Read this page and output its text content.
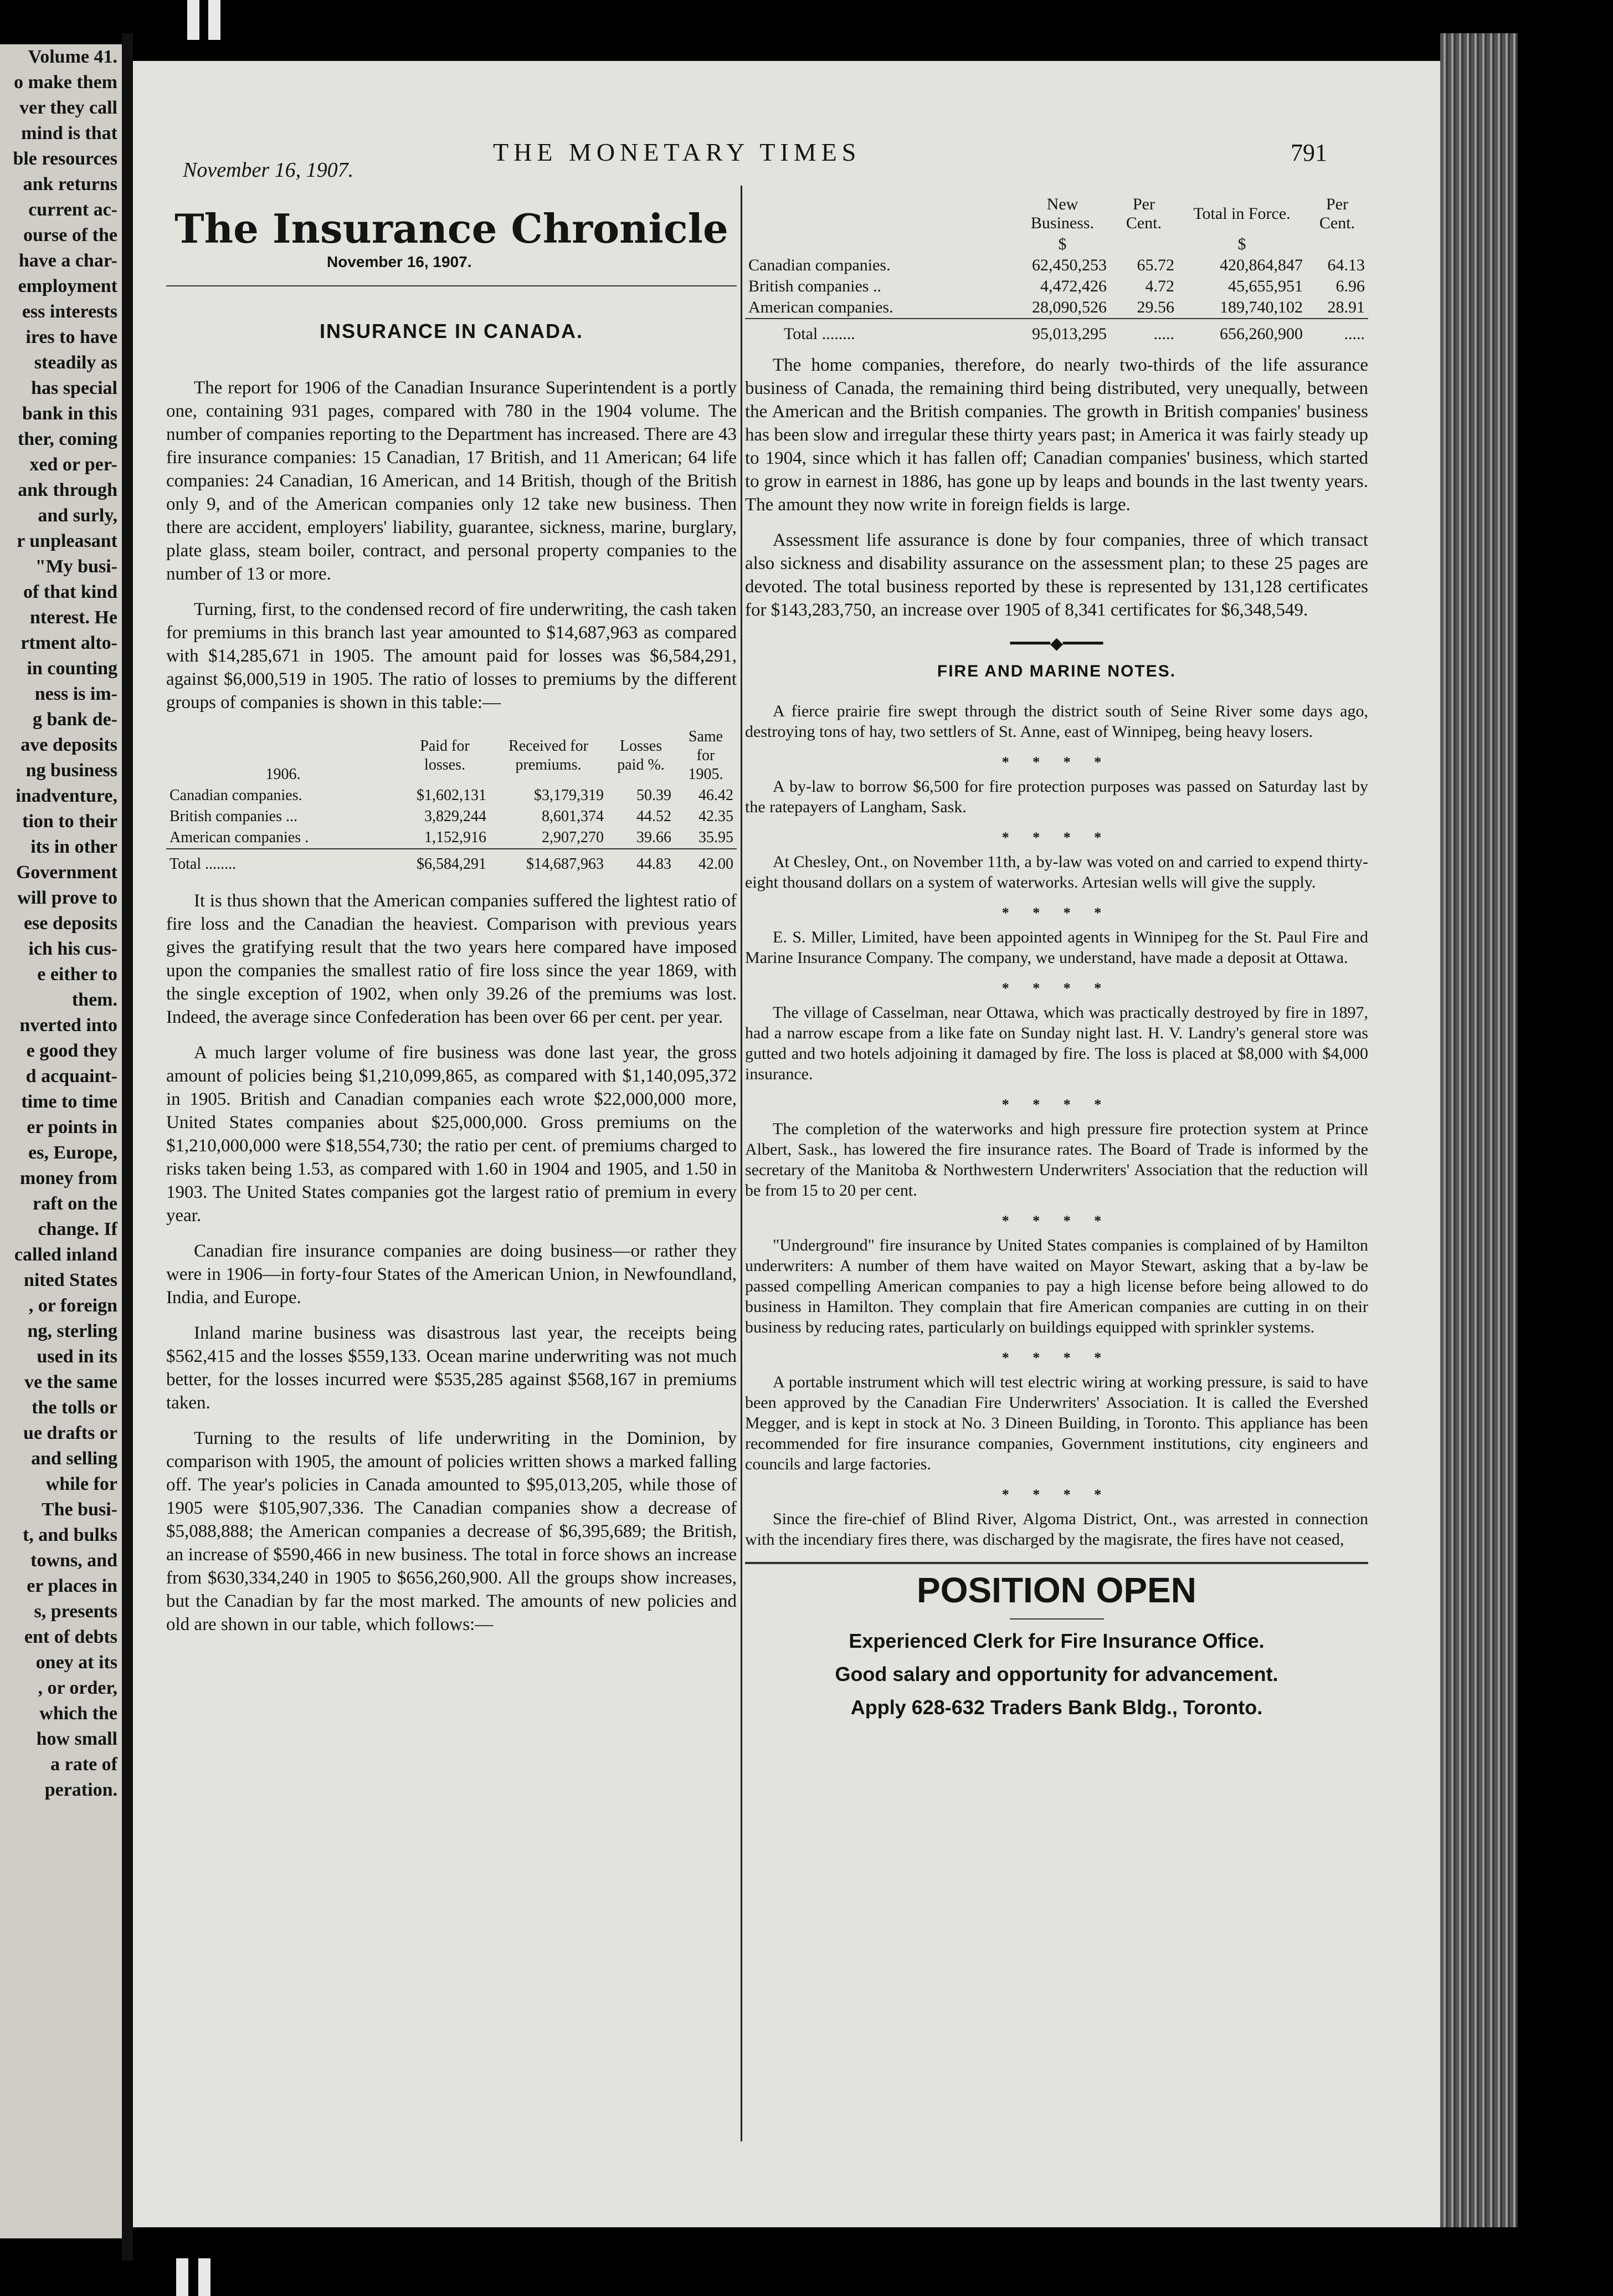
Volume 41.
o make them
ver they call
mind is that
ble resources
ank returns
current ac-
ourse of the
have a char-
employment
ess interests
ires to have
steadily as
has special
bank in this
ther, coming
xed or per-
ank through
and surly,
r unpleasant
"My busi-
of that kind
nterest. He
rtment alto-
in counting
ness is im-
g bank de-
ave deposits
ng business
inadventure,
tion to their
its in other
Government
will prove to
ese deposits
ich his cus-
e either to
them.
nverted into
e good they
d acquaint-
time to time
er points in
es, Europe,
money from
raft on the
change. If
called inland
nited States
, or foreign
ng, sterling
used in its
ve the same
the tolls or
ue drafts or
and selling
while for
The busi-
t, and bulks
towns, and
er places in
s, presents
ent of debts
oney at its
, or order,
which the
how small
a rate of
peration.
November 16, 1907.
THE MONETARY TIMES	791
The Insurance Chronicle
November 16, 1907.
INSURANCE IN CANADA.

The report for 1906 of the Canadian Insurance Superintendent is a portly one, containing 931 pages, compared with 780 in the 1904 volume. The number of companies reporting to the Department has increased. There are 43 fire insurance companies: 15 Canadian, 17 British, and 11 American; 64 life companies: 24 Canadian, 16 American, and 14 British, though of the British only 9, and of the American companies only 12 take new business. Then there are accident, employers' liability, guarantee, sickness, marine, burglary, plate glass, steam boiler, contract, and personal property companies to the number of 13 or more.

Turning, first, to the condensed record of fire underwriting, the cash taken for premiums in this branch last year amounted to $14,687,963 as compared with $14,285,671 in 1905. The amount paid for losses was $6,584,291, against $6,000,519 in 1905. The ratio of losses to premiums by the different groups of companies is shown in this table:—

1906.	Paid for losses.	Received for premiums.	Losses paid %.	Same for 1905.
Canadian companies.	$1,602,131	$3,179,319	50.39	46.42
British companies ...	3,829,244	8,601,374	44.52	42.35
American companies .	1,152,916	2,907,270	39.66	35.95
Total ........	$6,584,291	$14,687,963	44.83	42.00

It is thus shown that the American companies suffered the lightest ratio of fire loss and the Canadian the heaviest. Comparison with previous years gives the gratifying result that the two years here compared have imposed upon the companies the smallest ratio of fire loss since the year 1869, with the single exception of 1902, when only 39.26 of the premiums was lost. Indeed, the average since Confederation has been over 66 per cent. per year.

A much larger volume of fire business was done last year, the gross amount of policies being $1,210,099,865, as compared with $1,140,095,372 in 1905. British and Canadian companies each wrote $22,000,000 more, United States companies about $25,000,000. Gross premiums on the $1,210,000,000 were $18,554,730; the ratio per cent. of premiums charged to risks taken being 1.53, as compared with 1.60 in 1904 and 1905, and 1.50 in 1903. The United States companies got the largest ratio of premium in every year.

Canadian fire insurance companies are doing business—or rather they were in 1906—in forty-four States of the American Union, in Newfoundland, India, and Europe.

Inland marine business was disastrous last year, the receipts being $562,415 and the losses $559,133. Ocean marine underwriting was not much better, for the losses incurred were $535,285 against $568,167 in premiums taken.

Turning to the results of life underwriting in the Dominion, by comparison with 1905, the amount of policies written shows a marked falling off. The year's policies in Canada amounted to $95,013,205, while those of 1905 were $105,907,336. The Canadian companies show a decrease of $5,088,888; the American companies a decrease of $6,395,689; the British, an increase of $590,466 in new business. The total in force shows an increase from $630,334,240 in 1905 to $656,260,900. All the groups show increases, but the Canadian by far the most marked. The amounts of new policies and old are shown in our table, which follows:—

	New Business.	Per Cent.	Total in Force.	Per Cent.
	$		$	
Canadian companies.	62,450,253	65.72	420,864,847	64.13
British companies ..	4,472,426	4.72	45,655,951	6.96
American companies.	28,090,526	29.56	189,740,102	28.91
Total ........	95,013,295	.....	656,260,900	.....

The home companies, therefore, do nearly two-thirds of the life assurance business of Canada, the remaining third being distributed, very unequally, between the American and the British companies. The growth in British companies' business has been slow and irregular these thirty years past; in America it was fairly steady up to 1904, since which it has fallen off; Canadian companies' business, which started to grow in earnest in 1886, has gone up by leaps and bounds in the last twenty years. The amount they now write in foreign fields is large.

Assessment life assurance is done by four companies, three of which transact also sickness and disability assurance on the assessment plan; to these 25 pages are devoted. The total business reported by these is represented by 131,128 certificates for $143,283,750, an increase over 1905 of 8,341 certificates for $6,348,549.

━━━━◆━━━━
FIRE AND MARINE NOTES.

A fierce prairie fire swept through the district south of Seine River some days ago, destroying tons of hay, two settlers of St. Anne, east of Winnipeg, being heavy losers.

* * * *

A by-law to borrow $6,500 for fire protection purposes was passed on Saturday last by the ratepayers of Langham, Sask.

* * * *

At Chesley, Ont., on November 11th, a by-law was voted on and carried to expend thirty-eight thousand dollars on a system of waterworks. Artesian wells will give the supply.

* * * *

E. S. Miller, Limited, have been appointed agents in Winnipeg for the St. Paul Fire and Marine Insurance Company. The company, we understand, have made a deposit at Ottawa.

* * * *

The village of Casselman, near Ottawa, which was practically destroyed by fire in 1897, had a narrow escape from a like fate on Sunday night last. H. V. Landry's general store was gutted and two hotels adjoining it damaged by fire. The loss is placed at $8,000 with $4,000 insurance.

* * * *

The completion of the waterworks and high pressure fire protection system at Prince Albert, Sask., has lowered the fire insurance rates. The Board of Trade is informed by the secretary of the Manitoba & Northwestern Underwriters' Association that the reduction will be from 15 to 20 per cent.

* * * *

"Underground" fire insurance by United States companies is complained of by Hamilton underwriters: A number of them have waited on Mayor Stewart, asking that a by-law be passed compelling American companies to pay a high license before being allowed to do business in Hamilton. They complain that fire American companies are cutting in on their business by reducing rates, particularly on buildings equipped with sprinkler systems.

* * * *

A portable instrument which will test electric wiring at working pressure, is said to have been approved by the Canadian Fire Underwriters' Association. It is called the Evershed Megger, and is kept in stock at No. 3 Dineen Building, in Toronto. This appliance has been recommended for fire insurance companies, Government institutions, city engineers and councils and large factories.

* * * *

Since the fire-chief of Blind River, Algoma District, Ont., was arrested in connection with the incendiary fires there, was discharged by the magisrate, the fires have not ceased,

POSITION OPEN
Experienced Clerk for Fire Insurance Office.
Good salary and opportunity for advancement.
Apply 628-632 Traders Bank Bldg., Toronto.
